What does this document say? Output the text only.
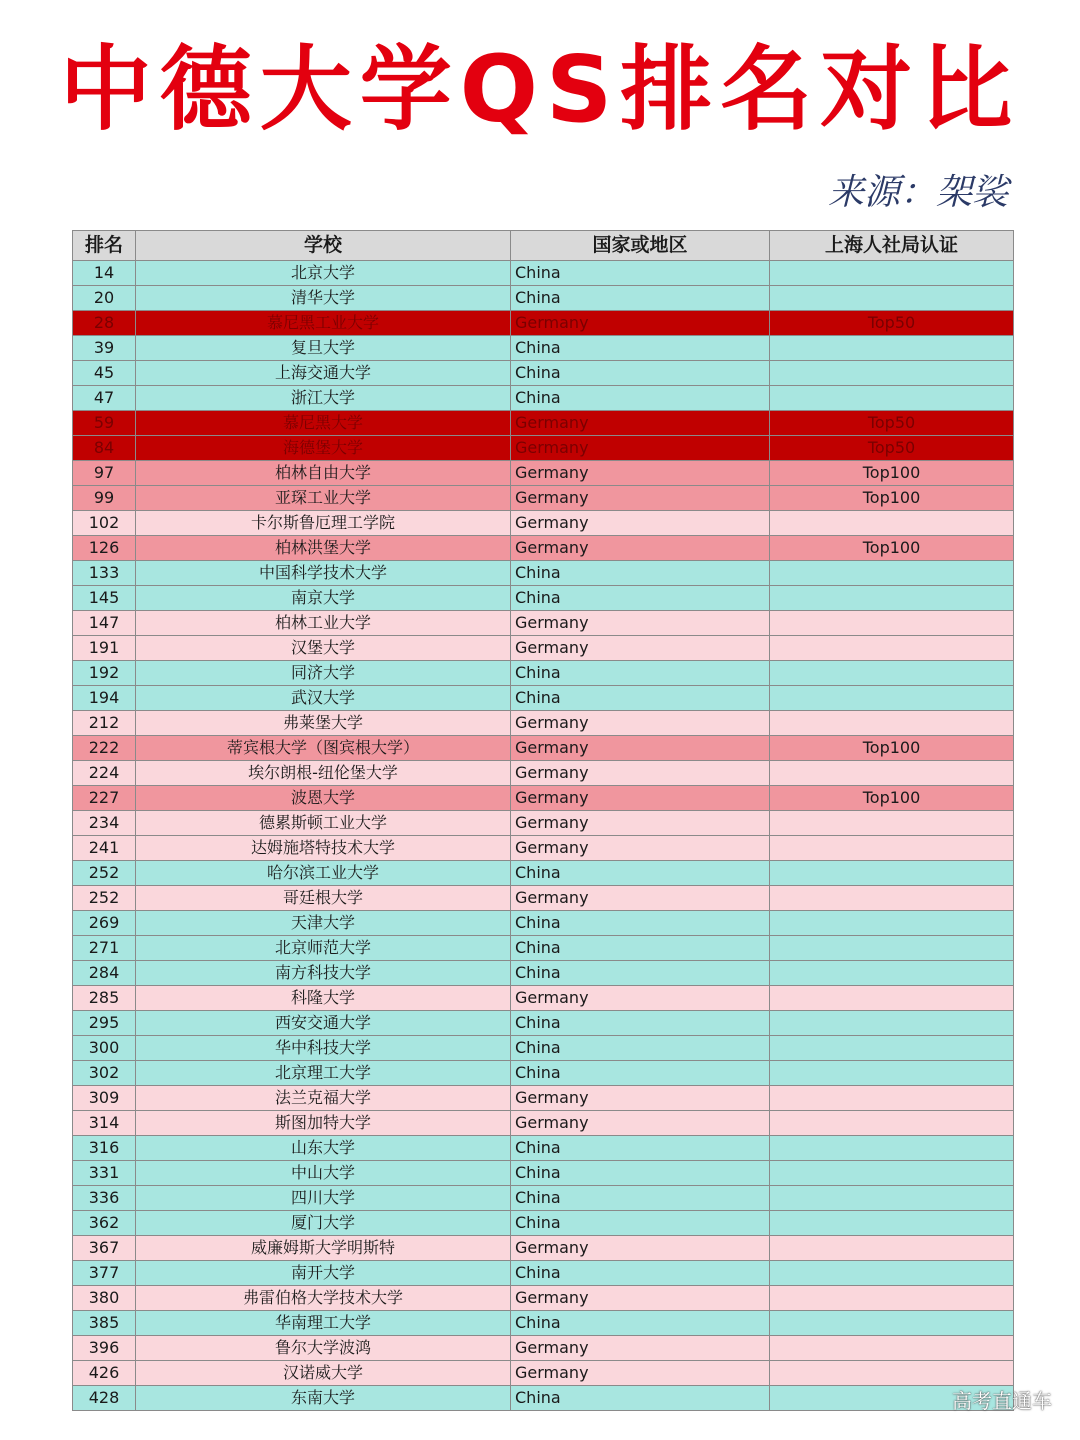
中德大学QS排名对比
来源：架裟
排名	学校	国家或地区	上海人社局认证
14	北京大学	China	
20	清华大学	China	
28	慕尼黑工业大学	Germany	Top50
39	复旦大学	China	
45	上海交通大学	China	
47	浙江大学	China	
59	慕尼黑大学	Germany	Top50
84	海德堡大学	Germany	Top50
97	柏林自由大学	Germany	Top100
99	亚琛工业大学	Germany	Top100
102	卡尔斯鲁厄理工学院	Germany	
126	柏林洪堡大学	Germany	Top100
133	中国科学技术大学	China	
145	南京大学	China	
147	柏林工业大学	Germany	
191	汉堡大学	Germany	
192	同济大学	China	
194	武汉大学	China	
212	弗莱堡大学	Germany	
222	蒂宾根大学（图宾根大学）	Germany	Top100
224	埃尔朗根-纽伦堡大学	Germany	
227	波恩大学	Germany	Top100
234	德累斯顿工业大学	Germany	
241	达姆施塔特技术大学	Germany	
252	哈尔滨工业大学	China	
252	哥廷根大学	Germany	
269	天津大学	China	
271	北京师范大学	China	
284	南方科技大学	China	
285	科隆大学	Germany	
295	西安交通大学	China	
300	华中科技大学	China	
302	北京理工大学	China	
309	法兰克福大学	Germany	
314	斯图加特大学	Germany	
316	山东大学	China	
331	中山大学	China	
336	四川大学	China	
362	厦门大学	China	
367	威廉姆斯大学明斯特	Germany	
377	南开大学	China	
380	弗雷伯格大学技术大学	Germany	
385	华南理工大学	China	
396	鲁尔大学波鸿	Germany	
426	汉诺威大学	Germany	
428	东南大学	China		高考直通车
